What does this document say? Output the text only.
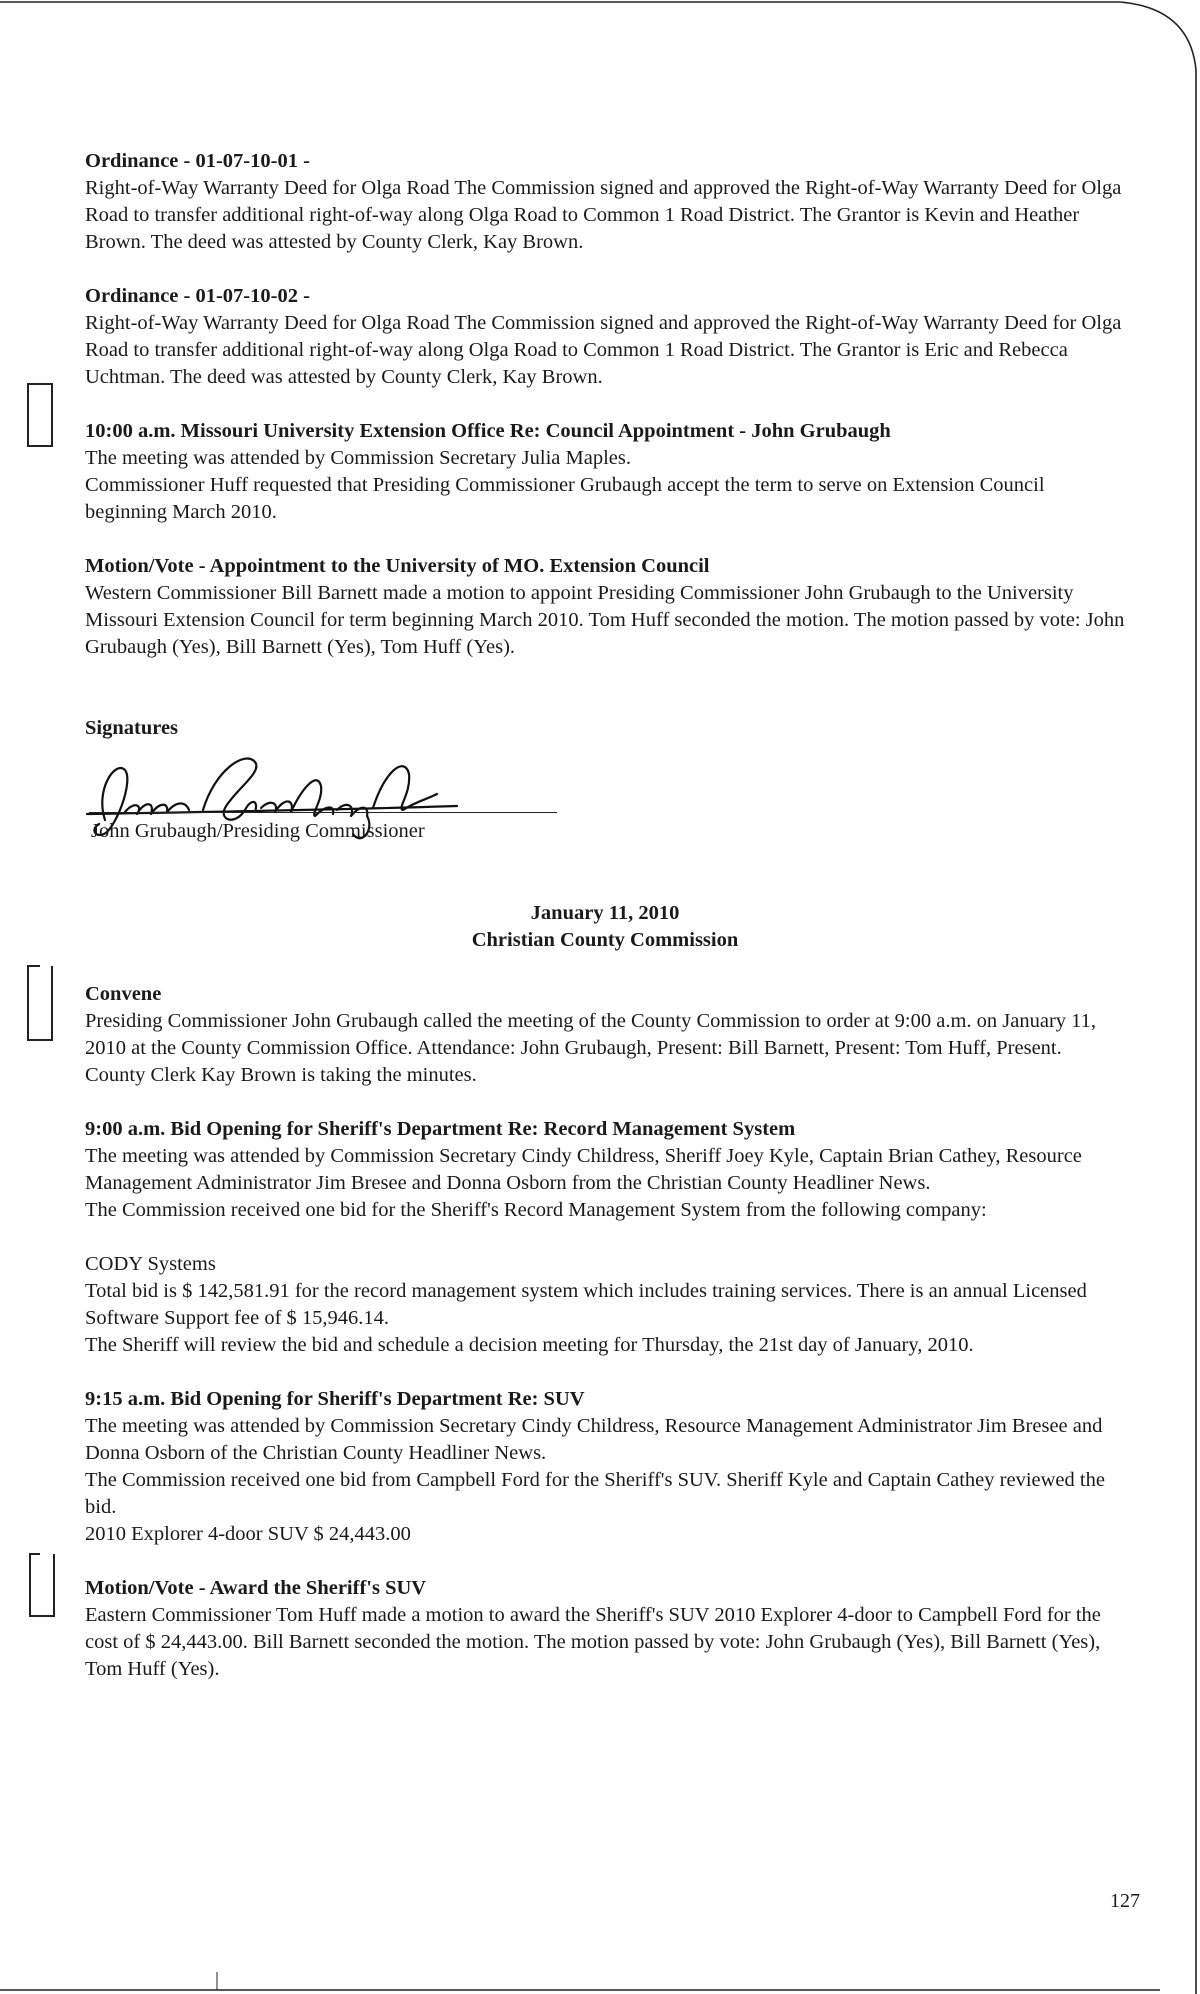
Ordinance - 01-07-10-01 -

Right-of-Way Warranty Deed for Olga Road The Commission signed and approved the Right-of-Way Warranty Deed for Olga Road to transfer additional right-of-way along Olga Road to Common 1 Road District. The Grantor is Kevin and Heather Brown. The deed was attested by County Clerk, Kay Brown.

Ordinance - 01-07-10-02 -

Right-of-Way Warranty Deed for Olga Road The Commission signed and approved the Right-of-Way Warranty Deed for Olga Road to transfer additional right-of-way along Olga Road to Common 1 Road District. The Grantor is Eric and Rebecca Uchtman. The deed was attested by County Clerk, Kay Brown.

10:00 a.m. Missouri University Extension Office Re: Council Appointment - John Grubaugh

The meeting was attended by Commission Secretary Julia Maples.

Commissioner Huff requested that Presiding Commissioner Grubaugh accept the term to serve on Extension Council beginning March 2010.

Motion/Vote - Appointment to the University of MO. Extension Council

Western Commissioner Bill Barnett made a motion to appoint Presiding Commissioner John Grubaugh to the University Missouri Extension Council for term beginning March 2010. Tom Huff seconded the motion. The motion passed by vote: John Grubaugh (Yes), Bill Barnett (Yes), Tom Huff (Yes).

Signatures

John Grubaugh/Presiding Commissioner

January 11, 2010

Christian County Commission

Convene

Presiding Commissioner John Grubaugh called the meeting of the County Commission to order at 9:00 a.m. on January 11, 2010 at the County Commission Office. Attendance: John Grubaugh, Present: Bill Barnett, Present: Tom Huff, Present. County Clerk Kay Brown is taking the minutes.

9:00 a.m. Bid Opening for Sheriff's Department Re: Record Management System

The meeting was attended by Commission Secretary Cindy Childress, Sheriff Joey Kyle, Captain Brian Cathey, Resource Management Administrator Jim Bresee and Donna Osborn from the Christian County Headliner News.

The Commission received one bid for the Sheriff's Record Management System from the following company:

CODY Systems

Total bid is $ 142,581.91 for the record management system which includes training services. There is an annual Licensed Software Support fee of $ 15,946.14.

The Sheriff will review the bid and schedule a decision meeting for Thursday, the 21st day of January, 2010.

9:15 a.m. Bid Opening for Sheriff's Department Re: SUV

The meeting was attended by Commission Secretary Cindy Childress, Resource Management Administrator Jim Bresee and Donna Osborn of the Christian County Headliner News.

The Commission received one bid from Campbell Ford for the Sheriff's SUV. Sheriff Kyle and Captain Cathey reviewed the bid.

2010 Explorer 4-door SUV $ 24,443.00

Motion/Vote - Award the Sheriff's SUV

Eastern Commissioner Tom Huff made a motion to award the Sheriff's SUV 2010 Explorer 4-door to Campbell Ford for the cost of $ 24,443.00. Bill Barnett seconded the motion. The motion passed by vote: John Grubaugh (Yes), Bill Barnett (Yes), Tom Huff (Yes).

127
